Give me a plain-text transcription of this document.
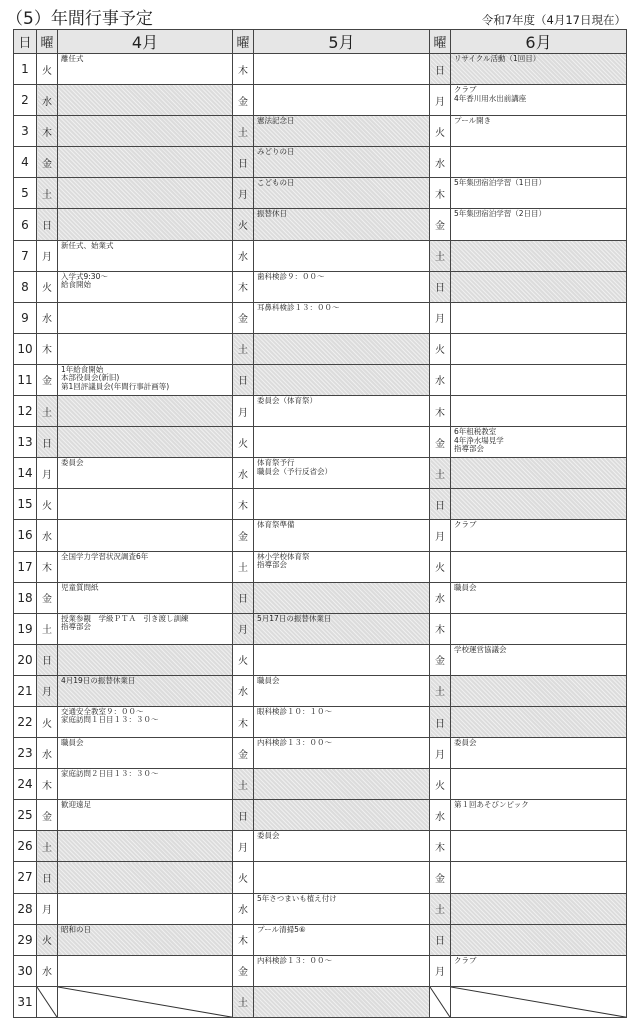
（5）年間行事予定	令和7年度（4月17日現在）
日	曜	4月	曜	5月	曜	6月
1	火	離任式	木		日	リサイクル活動（1回目）

2	水		金		月	クラブ
4年香川用水出前講座

3	木		土	憲法記念日	火	プール開き

4	金		日	みどりの日	水	

5	土		月	こどもの日	木	5年集団宿泊学習（1日目）

6	日		火	振替休日	金	5年集団宿泊学習（2日目）

7	月	新任式、始業式	水		土	

8	火	入学式9:30～
給食開始	木	歯科検診９：００～	日	

9	水		金	耳鼻科検診１３：００～	月	

10	木		土		火	

11	金	1年給食開始
本部役員会(新旧)
第1回評議員会(年間行事計画等)	日		水	

12	土		月	委員会（体育祭）	木	

13	日		火		金	6年租税教室
4年浄水場見学
指導部会

14	月	委員会	水	体育祭予行
職員会（予行反省会）	土	

15	火		木		日	

16	水		金	体育祭準備	月	クラブ

17	木	全国学力学習状況調査6年	土	林小学校体育祭
指導部会	火	

18	金	児童質問紙	日		水	職員会

19	土	授業参観　学級ＰＴＡ　引き渡し訓練
指導部会	月	5月17日の振替休業日	木	

20	日		火		金	学校運営協議会

21	月	4月19日の振替休業日	水	職員会	土	

22	火	交通安全教室９：００～
家庭訪問１日目１３：３０～	木	眼科検診１０：１０～	日	

23	水	職員会	金	内科検診１３：００～	月	委員会

24	木	家庭訪問２日目１３：３０～	土		火	

25	金	歓迎遠足	日		水	第１回あそびンピック

26	土		月	委員会	木	

27	日		火		金	

28	月		水	5年さつまいも植え付け	土	

29	火	昭和の日	木	プール清掃5⑥	日	

30	水		金	内科検診１３：００～	月	クラブ

31			土	
